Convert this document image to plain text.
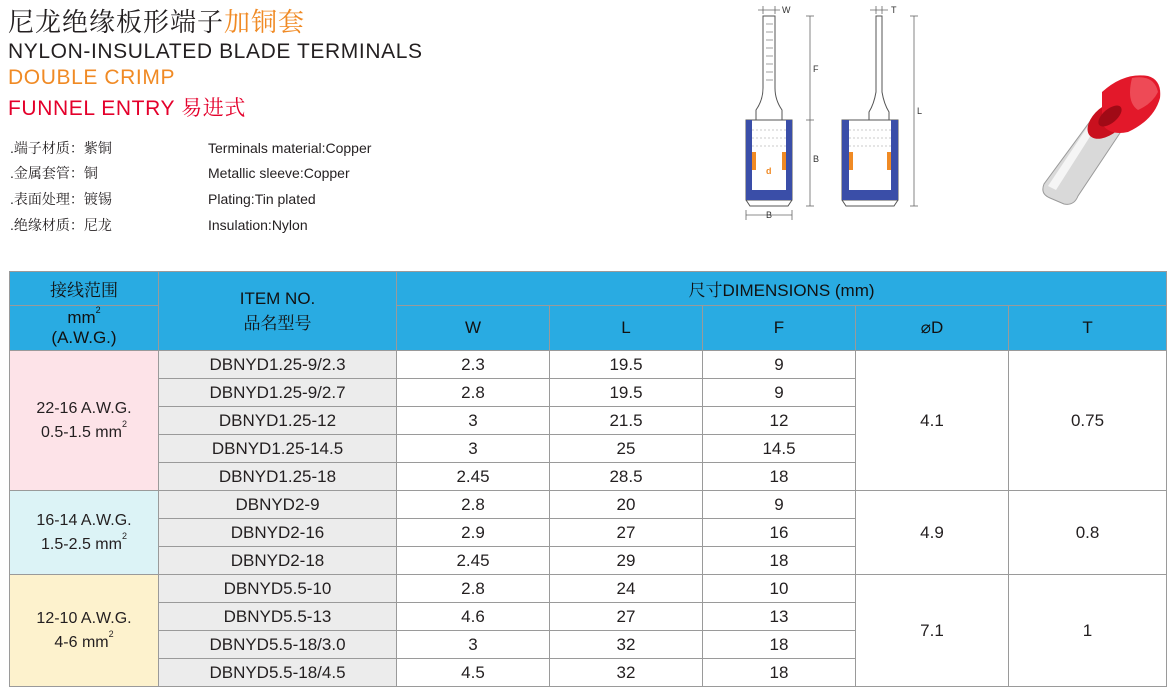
尼龙绝缘板形端子加铜套
NYLON-INSULATED BLADE TERMINALS
DOUBLE CRIMP
FUNNEL ENTRY 易进式
.端子材质：紫铜	Terminals material:Copper
.金属套管：铜	Metallic sleeve:Copper
.表面处理：镀锡	Plating:Tin plated
.绝缘材质：尼龙	Insulation:Nylon
W	T
F
L
B
d
B
接线范围	ITEM NO.
品名型号	尺寸DIMENSIONS (mm)				

$mm^2$
(A.W.G.)		W	L	F	⌀D	T

22-16 A.W.G.
0.5-1.5 $mm^2$	DBNYD1.25-9/2.3	2.3	19.5	9	4.1	0.75
	DBNYD1.25-9/2.7	2.8	19.5	9		
	DBNYD1.25-12	3	21.5	12		
	DBNYD1.25-14.5	3	25	14.5		
	DBNYD1.25-18	2.45	28.5	18		

16-14 A.W.G.
1.5-2.5 $mm^2$	DBNYD2-9	2.8	20	9	4.9	0.8
	DBNYD2-16	2.9	27	16		
	DBNYD2-18	2.45	29	18		

12-10 A.W.G.
4-6 $mm^2$	DBNYD5.5-10	2.8	24	10	7.1	1
	DBNYD5.5-13	4.6	27	13		
	DBNYD5.5-18/3.0	3	32	18		
	DBNYD5.5-18/4.5	4.5	32	18		
